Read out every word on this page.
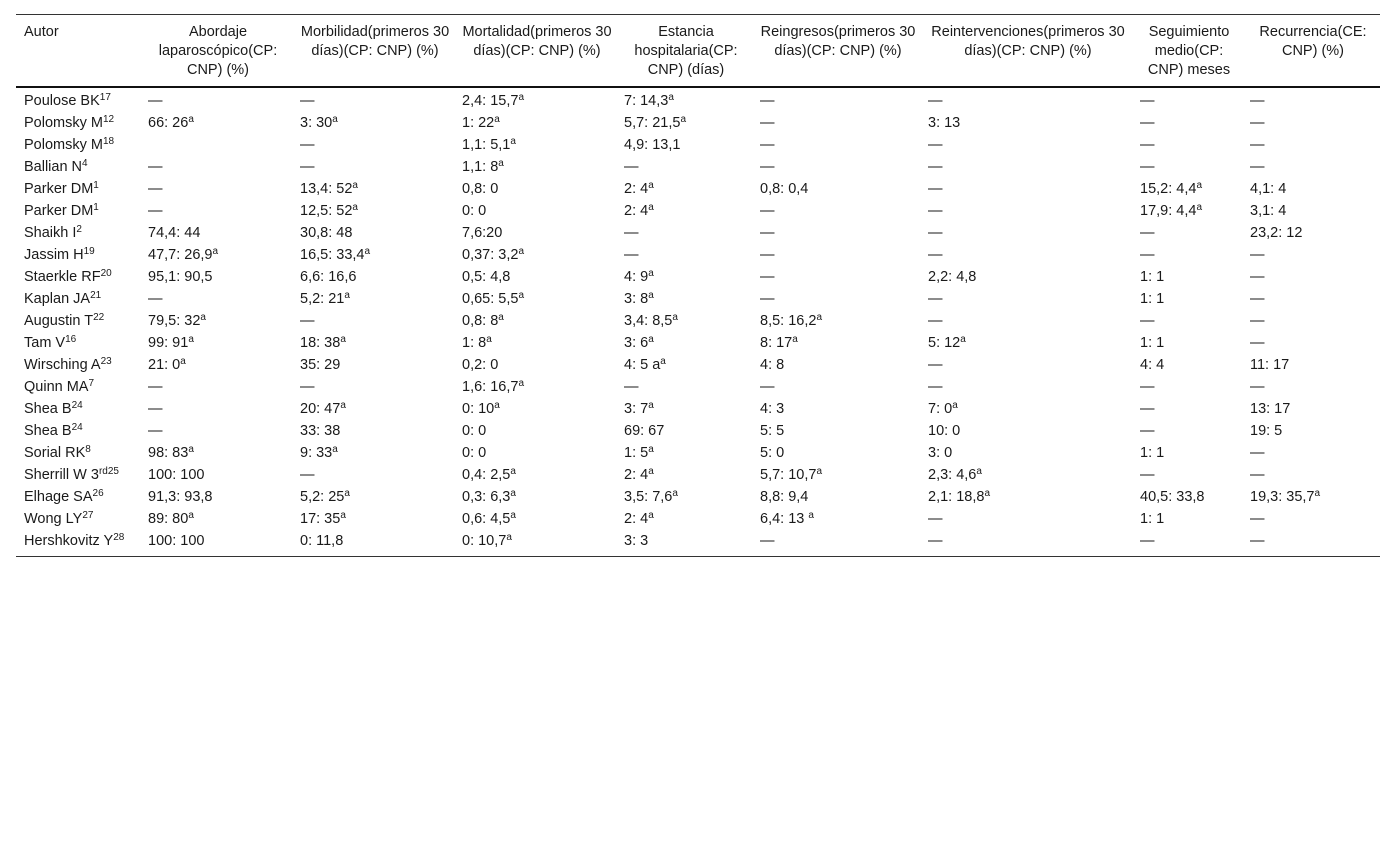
Autor	Abordaje laparoscópico(CP: CNP) (%)	Morbilidad(primeros 30 días)(CP: CNP) (%)	Mortalidad(primeros 30 días)(CP: CNP) (%)	Estancia hospitalaria(CP: CNP) (días)	Reingresos(primeros 30 días)(CP: CNP) (%)	Reintervenciones(primeros 30 días)(CP: CNP) (%)	Seguimiento medio(CP: CNP) meses	Recurrencia(CE: CNP) (%)
Poulose BK$^{17}$	—	—	2,4: 15,7$^a$	7: 14,3$^a$	—	—	—	—
Polomsky $M^{12}$	66: 26$^a$	3: 30$^a$	1: 22$^a$	5,7: 21,5$^a$	—	3: 13	—	—
Polomsky $M^{18}$		—	1,1: 5,1$^a$	4,9: 13,1	—	—	—	—
Ballian $N^4$	—	—	1,1: 8$^a$	—	—	—	—	—
Parker $DM^1$	—	13,4: 52$^a$	0,8: 0	2: 4$^a$	0,8: 0,4	—	15,2: 4,4$^a$	4,1: 4
Parker $DM^1$	—	12,5: 52$^a$	0: 0	2: 4$^a$	—	—	17,9: 4,4$^a$	3,1: 4
Shaikh $I^2$	74,4: 44	30,8: 48	7,6:20	—	—	—	—	23,2: 12
Jassim $H^{19}$	47,7: 26,9$^a$	16,5: 33,4$^a$	0,37: 3,2$^a$	—	—	—	—	—
Staerkle RF$^{20}$	95,1: 90,5	6,6: 16,6	0,5: 4,8	4: 9$^a$	—	2,2: 4,8	1: 1	—
Kaplan JA$^{21}$	—	5,2: 21$^a$	0,65: 5,5$^a$	3: 8$^a$	—	—	1: 1	—
Augustin $T^{22}$	79,5: 32$^a$	—	0,8: 8$^a$	3,4: 8,5$^a$	8,5: 16,2$^a$	—	—	—
Tam $V^{16}$	99: 91$^a$	18: 38$^a$	1: 8$^a$	3: 6$^a$	8: 17$^a$	5: 12$^a$	1: 1	—
Wirsching $A^{23}$	21: 0$^a$	35: 29	0,2: 0	4: 5 $a^a$	4: 8	—	4: 4	11: 17
Quinn $MA^7$	—	—	1,6: 16,7$^a$	—	—	—	—	—
Shea $B^{24}$	—	20: 47$^a$	0: 10$^a$	3: 7$^a$	4: 3	7: 0$^a$	—	13: 17
Shea $B^{24}$	—	33: 38	0: 0	69: 67	5: 5	10: 0	—	19: 5
Sorial $RK^8$	98: 83$^a$	9: 33$^a$	0: 0	1: 5$^a$	5: 0	3: 0	1: 1	—
Sherrill W $3^{rd25}$	100: 100	—	0,4: 2,5$^a$	2: 4$^a$	5,7: 10,7$^a$	2,3: 4,6$^a$	—	—
Elhage SA$^{26}$	91,3: 93,8	5,2: 25$^a$	0,3: 6,3$^a$	3,5: 7,6$^a$	8,8: 9,4	2,1: 18,8$^a$	40,5: 33,8	19,3: 35,7$^a$
Wong LY$^{27}$	89: 80$^a$	17: 35$^a$	0,6: 4,5$^a$	2: 4$^a$	6,4: 13 $^a$	—	1: 1	—
Hershkovitz $Y^{28}$	100: 100	0: 11,8	0: 10,7$^a$	3: 3	—	—	—	—
